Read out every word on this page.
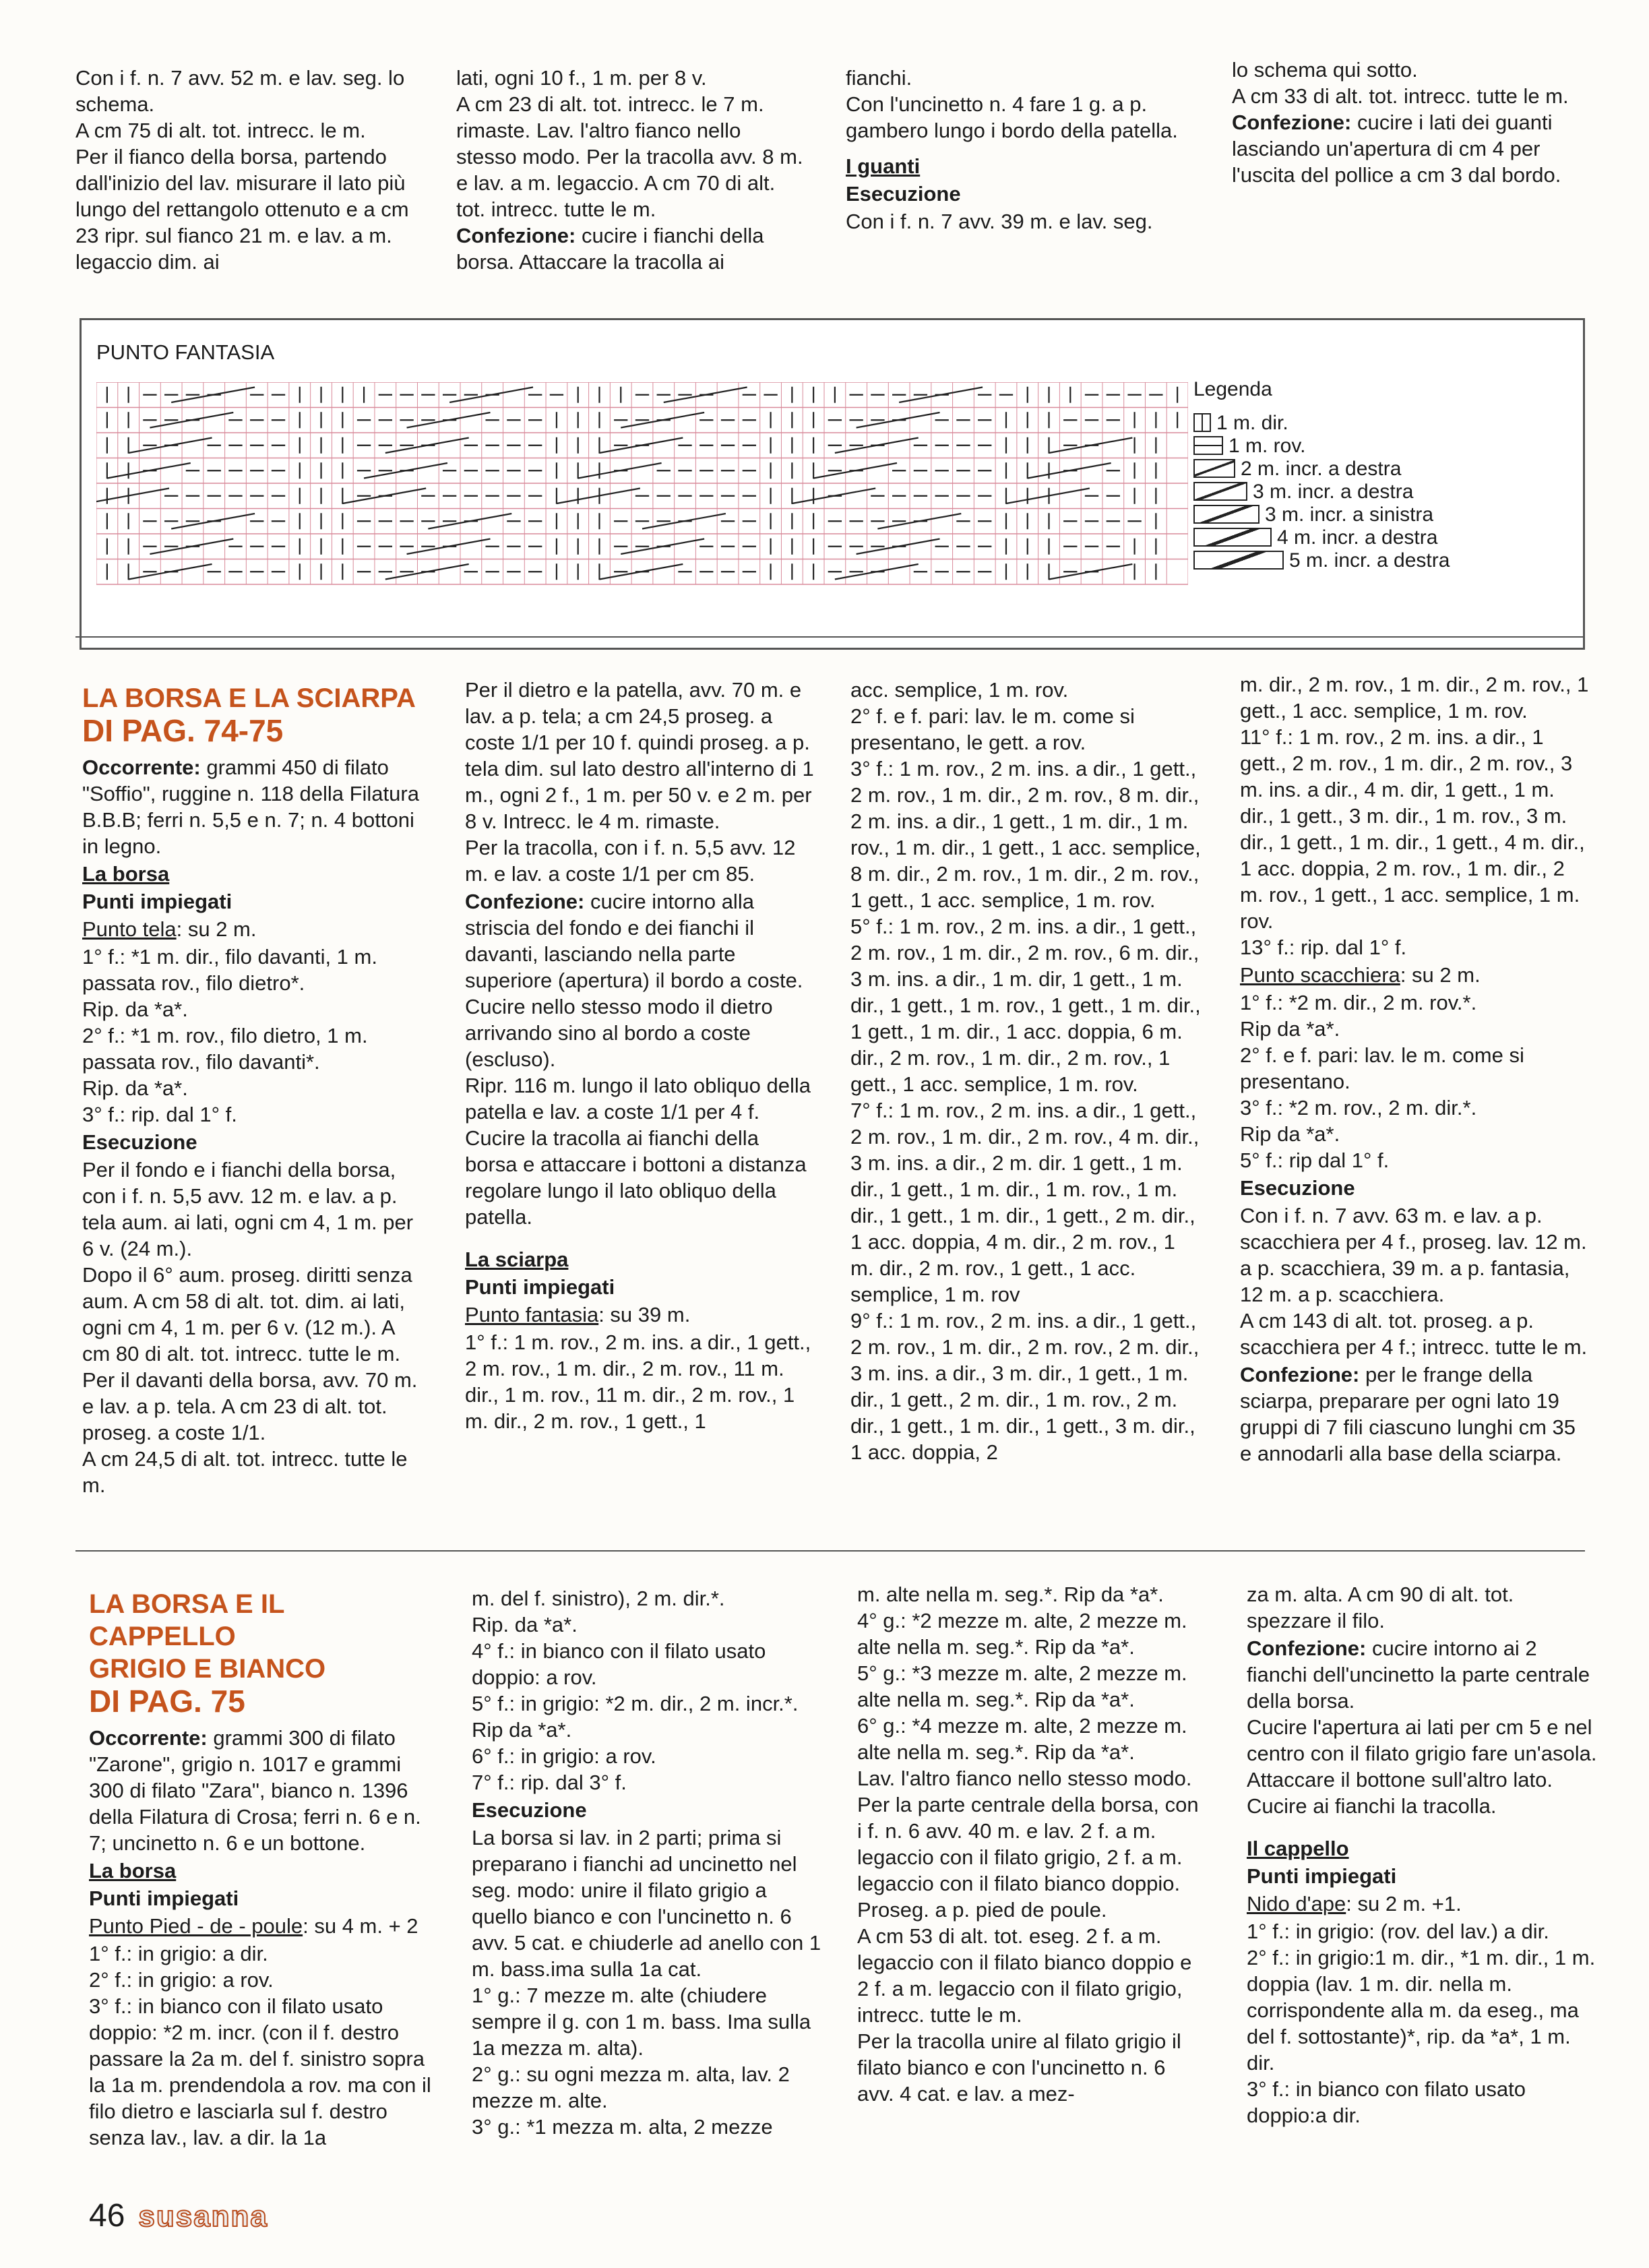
Con i f. n. 7 avv. 52 m. e lav. seg. lo schema.
A cm 75 di alt. tot. intrecc. le m.
Per il fianco della borsa, partendo dall'inizio del lav. misurare il lato più lungo del rettangolo ottenuto e a cm 23 ripr. sul fianco 21 m. e lav. a m. legaccio dim. ai

lati, ogni 10 f., 1 m. per 8 v.
A cm 23 di alt. tot. intrecc. le 7 m. rimaste. Lav. l'altro fianco nello stesso modo. Per la tracolla avv. 8 m. e lav. a m. legaccio. A cm 70 di alt. tot. intrecc. tutte le m.
Confezione: cucire i fianchi della borsa. Attaccare la tracolla ai

fianchi.
Con l'uncinetto n. 4 fare 1 g. a p. gambero lungo i bordo della patella.

I guanti

Esecuzione

Con i f. n. 7 avv. 39 m. e lav. seg.

lo schema qui sotto.
A cm 33 di alt. tot. intrecc. tutte le m.
Confezione: cucire i lati dei guanti lasciando un'apertura di cm 4 per l'uscita del pollice a cm 3 dal bordo.

PUNTO FANTASIA
Legenda
1 m. dir.
1 m. rov.
2 m. incr. a destra
3 m. incr. a destra
3 m. incr. a sinistra
4 m. incr. a destra
5 m. incr. a destra
LA BORSA E LA SCIARPA
DI PAG. 74-75

Occorrente: grammi 450 di filato "Soffio", ruggine n. 118 della Filatura B.B.B; ferri n. 5,5 e n. 7; n. 4 bottoni in legno.

La borsa

Punti impiegati

Punto tela: su 2 m.

1° f.: *1 m. dir., filo davanti, 1 m. passata rov., filo dietro*.
Rip. da *a*.
2° f.: *1 m. rov., filo dietro, 1 m. passata rov., filo davanti*.
Rip. da *a*.
3° f.: rip. dal 1° f.

Esecuzione

Per il fondo e i fianchi della borsa, con i f. n. 5,5 avv. 12 m. e lav. a p. tela aum. ai lati, ogni cm 4, 1 m. per 6 v. (24 m.).
Dopo il 6° aum. proseg. diritti senza aum. A cm 58 di alt. tot. dim. ai lati, ogni cm 4, 1 m. per 6 v. (12 m.). A cm 80 di alt. tot. intrecc. tutte le m.
Per il davanti della borsa, avv. 70 m. e lav. a p. tela. A cm 23 di alt. tot. proseg. a coste 1/1.
A cm 24,5 di alt. tot. intrecc. tutte le m.

Per il dietro e la patella, avv. 70 m. e lav. a p. tela; a cm 24,5 proseg. a coste 1/1 per 10 f. quindi proseg. a p. tela dim. sul lato destro all'interno di 1 m., ogni 2 f., 1 m. per 50 v. e 2 m. per 8 v. Intrecc. le 4 m. rimaste.
Per la tracolla, con i f. n. 5,5 avv. 12 m. e lav. a coste 1/1 per cm 85.

Confezione: cucire intorno alla striscia del fondo e dei fianchi il davanti, lasciando nella parte superiore (apertura) il bordo a coste.
Cucire nello stesso modo il dietro arrivando sino al bordo a coste (escluso).
Ripr. 116 m. lungo il lato obliquo della patella e lav. a coste 1/1 per 4 f. Cucire la tracolla ai fianchi della borsa e attaccare i bottoni a distanza regolare lungo il lato obliquo della patella.

La sciarpa

Punti impiegati

Punto fantasia: su 39 m.

1° f.: 1 m. rov., 2 m. ins. a dir., 1 gett., 2 m. rov., 1 m. dir., 2 m. rov., 11 m. dir., 1 m. rov., 11 m. dir., 2 m. rov., 1 m. dir., 2 m. rov., 1 gett., 1

acc. semplice, 1 m. rov.
2° f. e f. pari: lav. le m. come si presentano, le gett. a rov.
3° f.: 1 m. rov., 2 m. ins. a dir., 1 gett., 2 m. rov., 1 m. dir., 2 m. rov., 8 m. dir., 2 m. ins. a dir., 1 gett., 1 m. dir., 1 m. rov., 1 m. dir., 1 gett., 1 acc. semplice, 8 m. dir., 2 m. rov., 1 m. dir., 2 m. rov., 1 gett., 1 acc. semplice, 1 m. rov.
5° f.: 1 m. rov., 2 m. ins. a dir., 1 gett., 2 m. rov., 1 m. dir., 2 m. rov., 6 m. dir., 3 m. ins. a dir., 1 m. dir, 1 gett., 1 m. dir., 1 gett., 1 m. rov., 1 gett., 1 m. dir., 1 gett., 1 m. dir., 1 acc. doppia, 6 m. dir., 2 m. rov., 1 m. dir., 2 m. rov., 1 gett., 1 acc. semplice, 1 m. rov.
7° f.: 1 m. rov., 2 m. ins. a dir., 1 gett., 2 m. rov., 1 m. dir., 2 m. rov., 4 m. dir., 3 m. ins. a dir., 2 m. dir. 1 gett., 1 m. dir., 1 gett., 1 m. dir., 1 m. rov., 1 m. dir., 1 gett., 1 m. dir., 1 gett., 2 m. dir., 1 acc. doppia, 4 m. dir., 2 m. rov., 1 m. dir., 2 m. rov., 1 gett., 1 acc. semplice, 1 m. rov
9° f.: 1 m. rov., 2 m. ins. a dir., 1 gett., 2 m. rov., 1 m. dir., 2 m. rov., 2 m. dir., 3 m. ins. a dir., 3 m. dir., 1 gett., 1 m. dir., 1 gett., 2 m. dir., 1 m. rov., 2 m. dir., 1 gett., 1 m. dir., 1 gett., 3 m. dir., 1 acc. doppia, 2

m. dir., 2 m. rov., 1 m. dir., 2 m. rov., 1 gett., 1 acc. semplice, 1 m. rov.
11° f.: 1 m. rov., 2 m. ins. a dir., 1 gett., 2 m. rov., 1 m. dir., 2 m. rov., 3 m. ins. a dir., 4 m. dir, 1 gett., 1 m. dir., 1 gett., 3 m. dir., 1 m. rov., 3 m. dir., 1 gett., 1 m. dir., 1 gett., 4 m. dir., 1 acc. doppia, 2 m. rov., 1 m. dir., 2 m. rov., 1 gett., 1 acc. semplice, 1 m. rov.
13° f.: rip. dal 1° f.

Punto scacchiera: su 2 m.

1° f.: *2 m. dir., 2 m. rov.*.
Rip da *a*.
2° f. e f. pari: lav. le m. come si presentano.
3° f.: *2 m. rov., 2 m. dir.*.
Rip da *a*.
5° f.: rip dal 1° f.

Esecuzione

Con i f. n. 7 avv. 63 m. e lav. a p. scacchiera per 4 f., proseg. lav. 12 m. a p. scacchiera, 39 m. a p. fantasia, 12 m. a p. scacchiera.
A cm 143 di alt. tot. proseg. a p. scacchiera per 4 f.; intrecc. tutte le m.

Confezione: per le frange della sciarpa, preparare per ogni lato 19 gruppi di 7 fili ciascuno lunghi cm 35 e annodarli alla base della sciarpa.

LA BORSA E IL CAPPELLO
GRIGIO E BIANCO
DI PAG. 75

Occorrente: grammi 300 di filato "Zarone", grigio n. 1017 e grammi 300 di filato "Zara", bianco n. 1396 della Filatura di Crosa; ferri n. 6 e n. 7; uncinetto n. 6 e un bottone.

La borsa

Punti impiegati

Punto Pied - de - poule: su 4 m. + 2

1° f.: in grigio: a dir.
2° f.: in grigio: a rov.
3° f.: in bianco con il filato usato doppio: *2 m. incr. (con il f. destro passare la 2a m. del f. sinistro sopra la 1a m. prendendola a rov. ma con il filo dietro e lasciarla sul f. destro senza lav., lav. a dir. la 1a

m. del f. sinistro), 2 m. dir.*.
Rip. da *a*.
4° f.: in bianco con il filato usato doppio: a rov.
5° f.: in grigio: *2 m. dir., 2 m. incr.*.
Rip da *a*.
6° f.: in grigio: a rov.
7° f.: rip. dal 3° f.

Esecuzione

La borsa si lav. in 2 parti; prima si preparano i fianchi ad uncinetto nel seg. modo: unire il filato grigio a quello bianco e con l'uncinetto n. 6 avv. 5 cat. e chiuderle ad anello con 1 m. bass.ima sulla 1a cat.
1° g.: 7 mezze m. alte (chiudere sempre il g. con 1 m. bass. Ima sulla 1a mezza m. alta).
2° g.: su ogni mezza m. alta, lav. 2 mezze m. alte.
3° g.: *1 mezza m. alta, 2 mezze

m. alte nella m. seg.*. Rip da *a*.
4° g.: *2 mezze m. alte, 2 mezze m. alte nella m. seg.*. Rip da *a*.
5° g.: *3 mezze m. alte, 2 mezze m. alte nella m. seg.*. Rip da *a*.
6° g.: *4 mezze m. alte, 2 mezze m. alte nella m. seg.*. Rip da *a*.
Lav. l'altro fianco nello stesso modo.
Per la parte centrale della borsa, con i f. n. 6 avv. 40 m. e lav. 2 f. a m. legaccio con il filato grigio, 2 f. a m. legaccio con il filato bianco doppio.
Proseg. a p. pied de poule.
A cm 53 di alt. tot. eseg. 2 f. a m. legaccio con il filato bianco doppio e 2 f. a m. legaccio con il filato grigio, intrecc. tutte le m.
Per la tracolla unire al filato grigio il filato bianco e con l'uncinetto n. 6 avv. 4 cat. e lav. a mez-

za m. alta. A cm 90 di alt. tot. spezzare il filo.

Confezione: cucire intorno ai 2 fianchi dell'uncinetto la parte centrale della borsa.
Cucire l'apertura ai lati per cm 5 e nel centro con il filato grigio fare un'asola. Attaccare il bottone sull'altro lato. Cucire ai fianchi la tracolla.

Il cappello

Punti impiegati

Nido d'ape: su 2 m. +1.

1° f.: in grigio: (rov. del lav.) a dir.
2° f.: in grigio:1 m. dir., *1 m. dir., 1 m. doppia (lav. 1 m. dir. nella m. corrispondente alla m. da eseg., ma del f. sottostante)*, rip. da *a*, 1 m. dir.
3° f.: in bianco con filato usato doppio:a dir.

46 susanna
